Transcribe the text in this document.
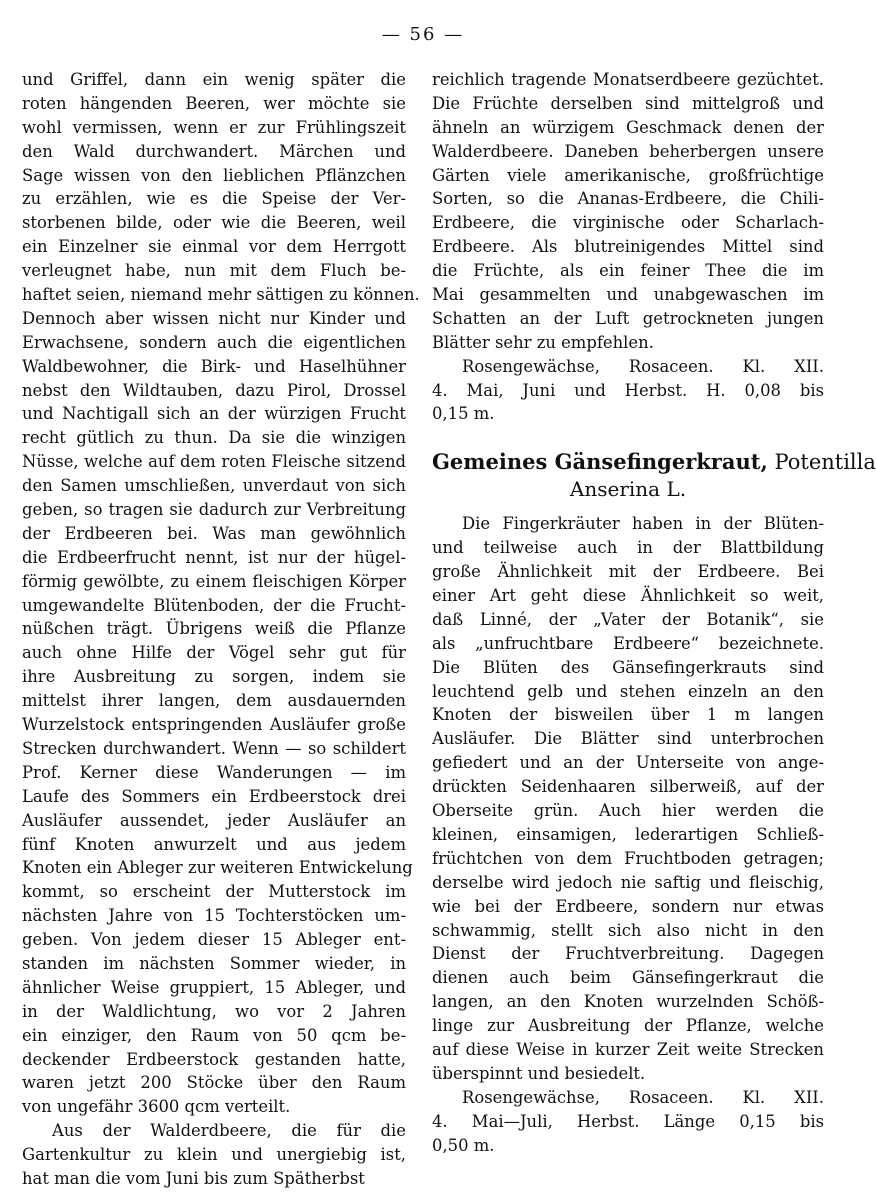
— 56 —
und Griffel, dann ein wenig später die
roten hängenden Beeren, wer möchte sie
wohl vermissen, wenn er zur Frühlingszeit
den Wald durchwandert. Märchen und
Sage wissen von den lieblichen Pflänzchen
zu erzählen, wie es die Speise der Ver-
storbenen bilde, oder wie die Beeren, weil
ein Einzelner sie einmal vor dem Herrgott
verleugnet habe, nun mit dem Fluch be-
haftet seien, niemand mehr sättigen zu können.
Dennoch aber wissen nicht nur Kinder und
Erwachsene, sondern auch die eigentlichen
Waldbewohner, die Birk- und Haselhühner
nebst den Wildtauben, dazu Pirol, Drossel
und Nachtigall sich an der würzigen Frucht
recht gütlich zu thun. Da sie die winzigen
Nüsse, welche auf dem roten Fleische sitzend
den Samen umschließen, unverdaut von sich
geben, so tragen sie dadurch zur Verbreitung
der Erdbeeren bei. Was man gewöhnlich
die Erdbeerfrucht nennt, ist nur der hügel-
förmig gewölbte, zu einem fleischigen Körper
umgewandelte Blütenboden, der die Frucht-
nüßchen trägt. Übrigens weiß die Pflanze
auch ohne Hilfe der Vögel sehr gut für
ihre Ausbreitung zu sorgen, indem sie
mittelst ihrer langen, dem ausdauernden
Wurzelstock entspringenden Ausläufer große
Strecken durchwandert. Wenn — so schildert
Prof. Kerner diese Wanderungen — im
Laufe des Sommers ein Erdbeerstock drei
Ausläufer aussendet, jeder Ausläufer an
fünf Knoten anwurzelt und aus jedem
Knoten ein Ableger zur weiteren Entwickelung
kommt, so erscheint der Mutterstock im
nächsten Jahre von 15 Tochterstöcken um-
geben. Von jedem dieser 15 Ableger ent-
standen im nächsten Sommer wieder, in
ähnlicher Weise gruppiert, 15 Ableger, und
in der Waldlichtung, wo vor 2 Jahren
ein einziger, den Raum von 50 qcm be-
deckender Erdbeerstock gestanden hatte,
waren jetzt 200 Stöcke über den Raum
von ungefähr 3600 qcm verteilt.
Aus der Walderdbeere, die für die
Gartenkultur zu klein und unergiebig ist,
hat man die vom Juni bis zum Spätherbst
reichlich tragende Monatserdbeere gezüchtet.
Die Früchte derselben sind mittelgroß und
ähneln an würzigem Geschmack denen der
Walderdbeere. Daneben beherbergen unsere
Gärten viele amerikanische, großfrüchtige
Sorten, so die Ananas-Erdbeere, die Chili-
Erdbeere, die virginische oder Scharlach-
Erdbeere. Als blutreinigendes Mittel sind
die Früchte, als ein feiner Thee die im
Mai gesammelten und unabgewaschen im
Schatten an der Luft getrockneten jungen
Blätter sehr zu empfehlen.
Rosengewächse, Rosaceen. Kl. XII.
4. Mai, Juni und Herbst. H. 0,08 bis
0,15 m.
Gemeines Gänsefingerkraut, Potentilla
Anserina L.
Die Fingerkräuter haben in der Blüten-
und teilweise auch in der Blattbildung
große Ähnlichkeit mit der Erdbeere. Bei
einer Art geht diese Ähnlichkeit so weit,
daß Linné, der „Vater der Botanik“, sie
als „unfruchtbare Erdbeere“ bezeichnete.
Die Blüten des Gänsefingerkrauts sind
leuchtend gelb und stehen einzeln an den
Knoten der bisweilen über 1 m langen
Ausläufer. Die Blätter sind unterbrochen
gefiedert und an der Unterseite von ange-
drückten Seidenhaaren silberweiß, auf der
Oberseite grün. Auch hier werden die
kleinen, einsamigen, lederartigen Schließ-
früchtchen von dem Fruchtboden getragen;
derselbe wird jedoch nie saftig und fleischig,
wie bei der Erdbeere, sondern nur etwas
schwammig, stellt sich also nicht in den
Dienst der Fruchtverbreitung. Dagegen
dienen auch beim Gänsefingerkraut die
langen, an den Knoten wurzelnden Schöß-
linge zur Ausbreitung der Pflanze, welche
auf diese Weise in kurzer Zeit weite Strecken
überspinnt und besiedelt.
Rosengewächse, Rosaceen. Kl. XII.
4. Mai—Juli, Herbst. Länge 0,15 bis
0,50 m.
